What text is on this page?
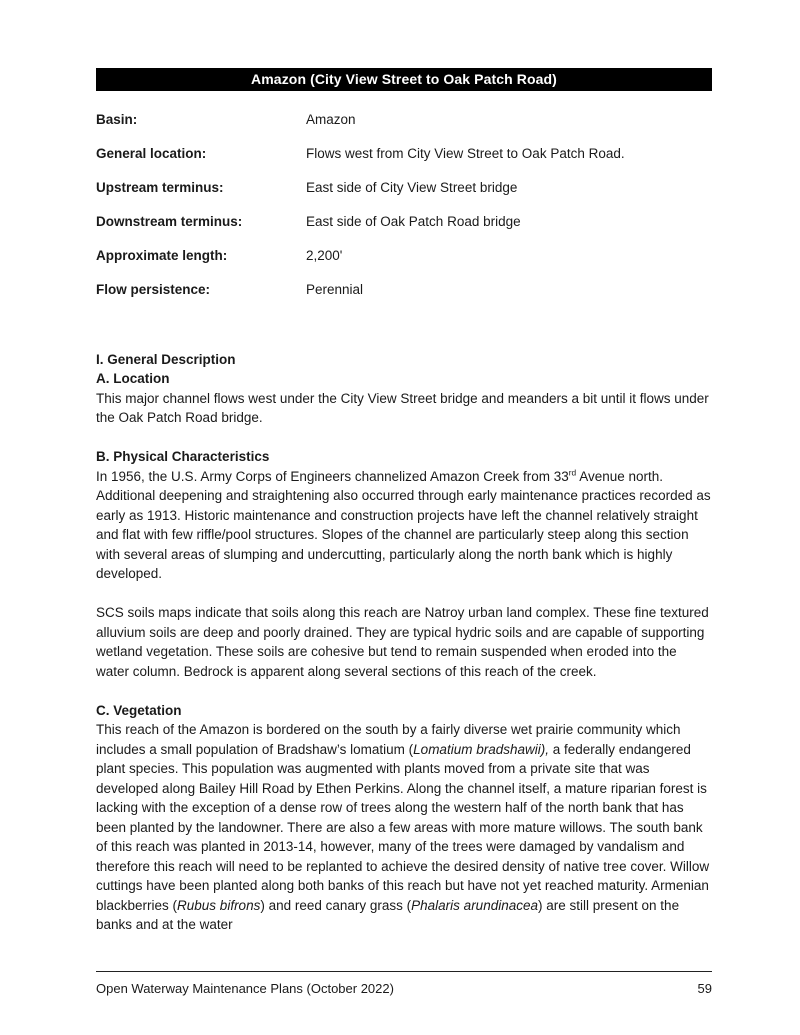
Amazon (City View Street to Oak Patch Road)
Basin:	Amazon
General location:	Flows west from City View Street to Oak Patch Road.
Upstream terminus:	East side of City View Street bridge
Downstream terminus:	East side of Oak Patch Road bridge
Approximate length:	2,200'
Flow persistence:	Perennial
I. General Description
A. Location

This major channel flows west under the City View Street bridge and meanders a bit until it flows under the Oak Patch Road bridge.

B. Physical Characteristics

In 1956, the U.S. Army Corps of Engineers channelized Amazon Creek from 33rd Avenue north. Additional deepening and straightening also occurred through early maintenance practices recorded as early as 1913. Historic maintenance and construction projects have left the channel relatively straight and flat with few riffle/pool structures. Slopes of the channel are particularly steep along this section with several areas of slumping and undercutting, particularly along the north bank which is highly developed.

SCS soils maps indicate that soils along this reach are Natroy urban land complex. These fine textured alluvium soils are deep and poorly drained. They are typical hydric soils and are capable of supporting wetland vegetation. These soils are cohesive but tend to remain suspended when eroded into the water column. Bedrock is apparent along several sections of this reach of the creek.

C. Vegetation

This reach of the Amazon is bordered on the south by a fairly diverse wet prairie community which includes a small population of Bradshaw’s lomatium (Lomatium bradshawii), a federally endangered plant species. This population was augmented with plants moved from a private site that was developed along Bailey Hill Road by Ethen Perkins. Along the channel itself, a mature riparian forest is lacking with the exception of a dense row of trees along the western half of the north bank that has been planted by the landowner. There are also a few areas with more mature willows. The south bank of this reach was planted in 2013-14, however, many of the trees were damaged by vandalism and therefore this reach will need to be replanted to achieve the desired density of native tree cover. Willow cuttings have been planted along both banks of this reach but have not yet reached maturity. Armenian blackberries (Rubus bifrons) and reed canary grass (Phalaris arundinacea) are still present on the banks and at the water

Open Waterway Maintenance Plans (October 2022)	59
